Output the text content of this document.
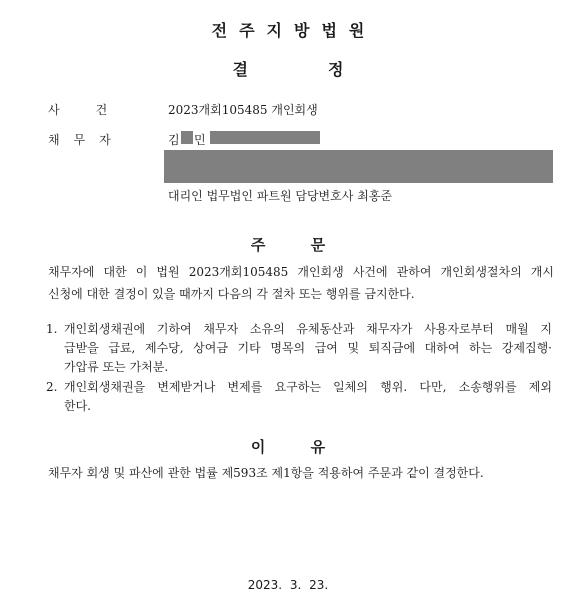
전주지방법원
결정
사건 2023개회105485 개인회생
채무자	김 민
대리인 법무법인 파트원 담당변호사 최홍준
주 문
채무자에 대한 이 법원 2023개회105485 개인회생 사건에 관하여 개인회생절차의 개시
신청에 대한 결정이 있을 때까지 다음의 각 절차 또는 행위를 금지한다.
1. 개인회생채권에 기하여 채무자 소유의 유체동산과 채무자가 사용자로부터 매월 지
급받을 급료, 제수당, 상여금 기타 명목의 급여 및 퇴직금에 대하여 하는 강제집행·
가압류 또는 가처분.
2. 개인회생채권을 변제받거나 변제를 요구하는 일체의 행위. 다만, 소송행위를 제외
한다.
이 유
채무자 회생 및 파산에 관한 법률 제593조 제1항을 적용하여 주문과 같이 결정한다.
2023. 3. 23.
